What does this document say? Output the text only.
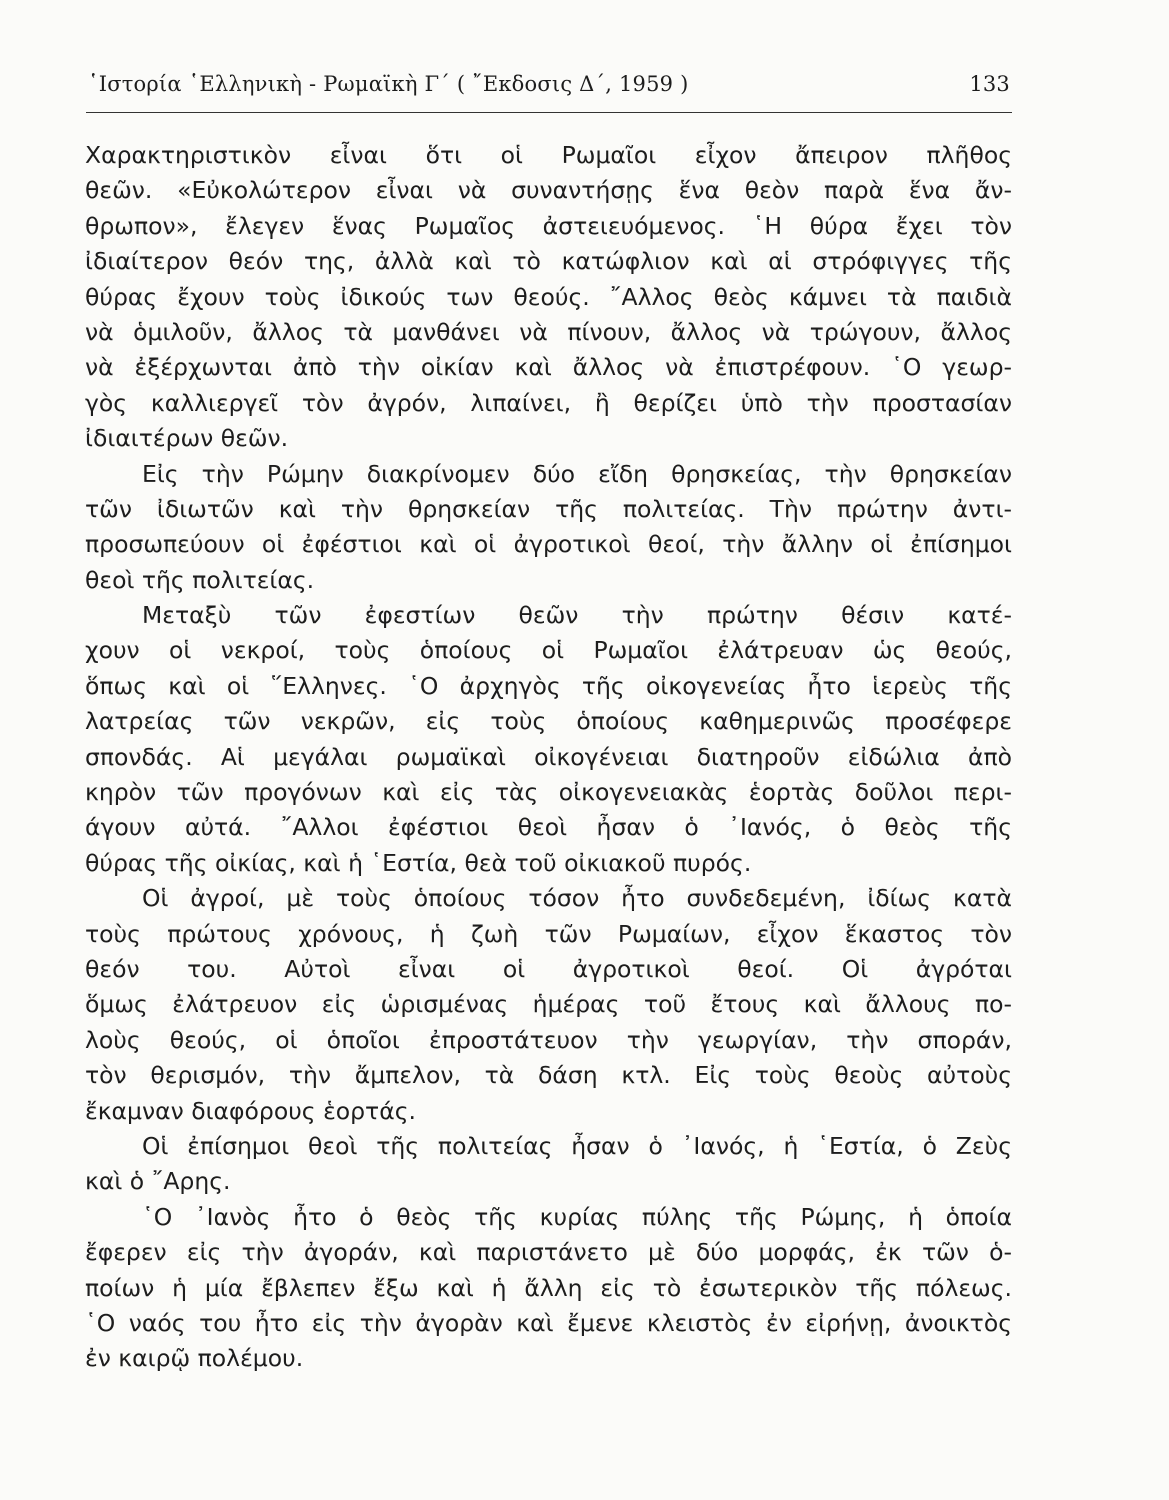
῾Ιστορία ῾Ελληνικὴ - Ρωμαϊκὴ Γ΄ ( ῎Εκδοσις Δ΄, 1959 )	133
Χαρακτηριστικὸν εἶναι ὅτι οἱ Ρωμαῖοι εἶχον ἄπειρον πλῆθος
θεῶν. «Εὐκολώτερον εἶναι νὰ συναντήσῃς ἕνα θεὸν παρὰ ἕνα ἄν-
θρωπον», ἔλεγεν ἕνας Ρωμαῖος ἀστειευόμενος. ῾Η θύρα ἔχει τὸν
ἰδιαίτερον θεόν της, ἀλλὰ καὶ τὸ κατώφλιον καὶ αἱ στρόφιγγες τῆς
θύρας ἔχουν τοὺς ἰδικούς των θεούς. ῎Αλλος θεὸς κάμνει τὰ παιδιὰ
νὰ ὁμιλοῦν, ἄλλος τὰ μανθάνει νὰ πίνουν, ἄλλος νὰ τρώγουν, ἄλλος
νὰ ἐξέρχωνται ἀπὸ τὴν οἰκίαν καὶ ἄλλος νὰ ἐπιστρέφουν. ῾Ο γεωρ-
γὸς καλλιεργεῖ τὸν ἀγρόν, λιπαίνει, ἢ θερίζει ὑπὸ τὴν προστασίαν
ἰδιαιτέρων θεῶν.
Εἰς τὴν Ρώμην διακρίνομεν δύο εἴδη θρησκείας, τὴν θρησκείαν
τῶν ἰδιωτῶν καὶ τὴν θρησκείαν τῆς πολιτείας. Τὴν πρώτην ἀντι-
προσωπεύουν οἱ ἐφέστιοι καὶ οἱ ἀγροτικοὶ θεοί, τὴν ἄλλην οἱ ἐπίσημοι
θεοὶ τῆς πολιτείας.
Μεταξὺ τῶν ἐφεστίων θεῶν τὴν πρώτην θέσιν κατέ-
χουν οἱ νεκροί, τοὺς ὁποίους οἱ Ρωμαῖοι ἐλάτρευαν ὡς θεούς,
ὅπως καὶ οἱ ῞Ελληνες. ῾Ο ἀρχηγὸς τῆς οἰκογενείας ἦτο ἱερεὺς τῆς
λατρείας τῶν νεκρῶν, εἰς τοὺς ὁποίους καθημερινῶς προσέφερε
σπονδάς. Αἱ μεγάλαι ρωμαϊκαὶ οἰκογένειαι διατηροῦν εἰδώλια ἀπὸ
κηρὸν τῶν προγόνων καὶ εἰς τὰς οἰκογενειακὰς ἑορτὰς δοῦλοι περι-
άγουν αὐτά. ῎Αλλοι ἐφέστιοι θεοὶ ἦσαν ὁ ᾿Ιανός, ὁ θεὸς τῆς
θύρας τῆς οἰκίας, καὶ ἡ ῾Εστία, θεὰ τοῦ οἰκιακοῦ πυρός.
Οἱ ἀγροί, μὲ τοὺς ὁποίους τόσον ἦτο συνδεδεμένη, ἰδίως κατὰ
τοὺς πρώτους χρόνους, ἡ ζωὴ τῶν Ρωμαίων, εἶχον ἕκαστος τὸν
θεόν του. Αὐτοὶ εἶναι οἱ ἀγροτικοὶ θεοί. Οἱ ἀγρόται
ὅμως ἐλάτρευον εἰς ὡρισμένας ἡμέρας τοῦ ἔτους καὶ ἄλλους πο-
λοὺς θεούς, οἱ ὁποῖοι ἐπροστάτευον τὴν γεωργίαν, τὴν σποράν,
τὸν θερισμόν, τὴν ἄμπελον, τὰ δάση κτλ. Εἰς τοὺς θεοὺς αὐτοὺς
ἔκαμναν διαφόρους ἑορτάς.
Οἱ ἐπίσημοι θεοὶ τῆς πολιτείας ἦσαν ὁ ᾿Ιανός, ἡ ῾Εστία, ὁ Ζεὺς
καὶ ὁ ῎Αρης.
῾Ο ᾿Ιανὸς ἦτο ὁ θεὸς τῆς κυρίας πύλης τῆς Ρώμης, ἡ ὁποία
ἔφερεν εἰς τὴν ἀγοράν, καὶ παριστάνετο μὲ δύο μορφάς, ἐκ τῶν ὁ-
ποίων ἡ μία ἔβλεπεν ἔξω καὶ ἡ ἄλλη εἰς τὸ ἐσωτερικὸν τῆς πόλεως.
῾Ο ναός του ἦτο εἰς τὴν ἀγορὰν καὶ ἔμενε κλειστὸς ἐν εἰρήνῃ, ἀνοικτὸς
ἐν καιρῷ πολέμου.
